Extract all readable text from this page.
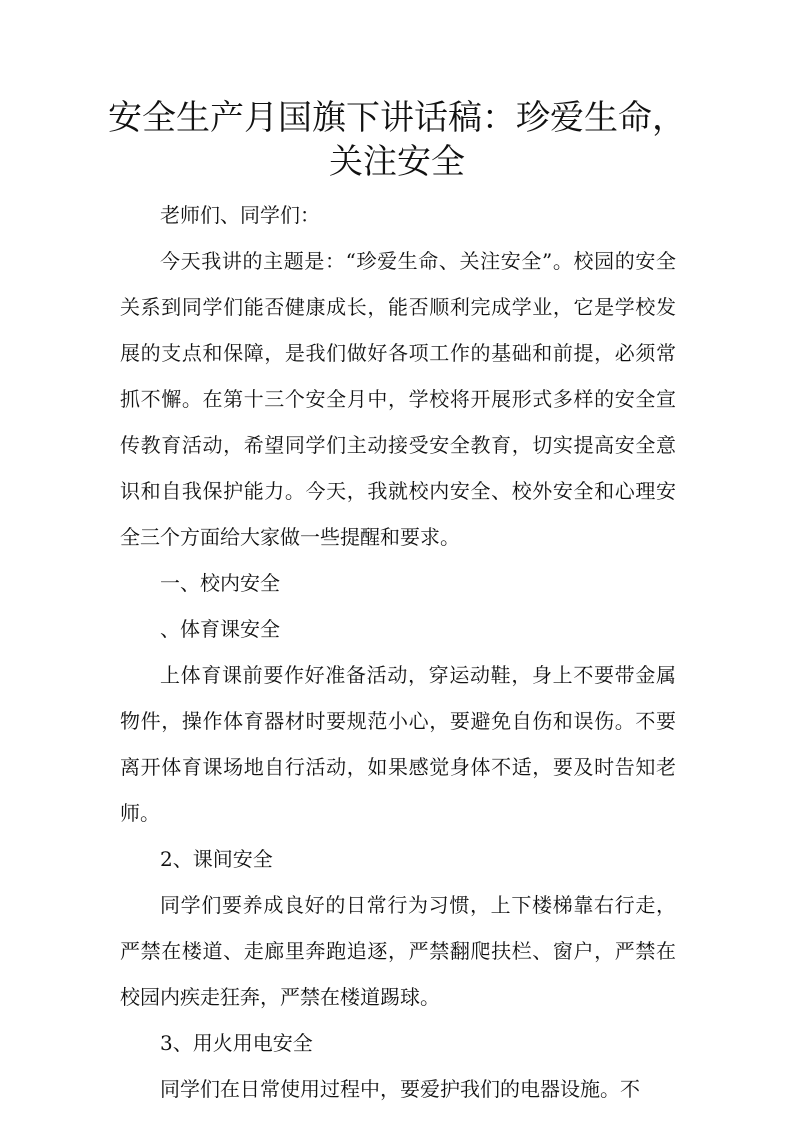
安全生产月国旗下讲话稿：珍爱生命，关注安全

老师们、同学们：

今天我讲的主题是：“珍爱生命、关注安全”。校园的安全关系到同学们能否健康成长，能否顺利完成学业，它是学校发展的支点和保障，是我们做好各项工作的基础和前提，必须常抓不懈。在第十三个安全月中，学校将开展形式多样的安全宣传教育活动，希望同学们主动接受安全教育，切实提高安全意识和自我保护能力。今天，我就校内安全、校外安全和心理安全三个方面给大家做一些提醒和要求。

一、校内安全

、体育课安全

上体育课前要作好准备活动，穿运动鞋，身上不要带金属物件，操作体育器材时要规范小心，要避免自伤和误伤。不要离开体育课场地自行活动，如果感觉身体不适，要及时告知老师。

2、课间安全

同学们要养成良好的日常行为习惯，上下楼梯靠右行走，严禁在楼道、走廊里奔跑追逐，严禁翻爬扶栏、窗户，严禁在校园内疾走狂奔，严禁在楼道踢球。

3、用火用电安全

同学们在日常使用过程中，要爱护我们的电器设施。不
